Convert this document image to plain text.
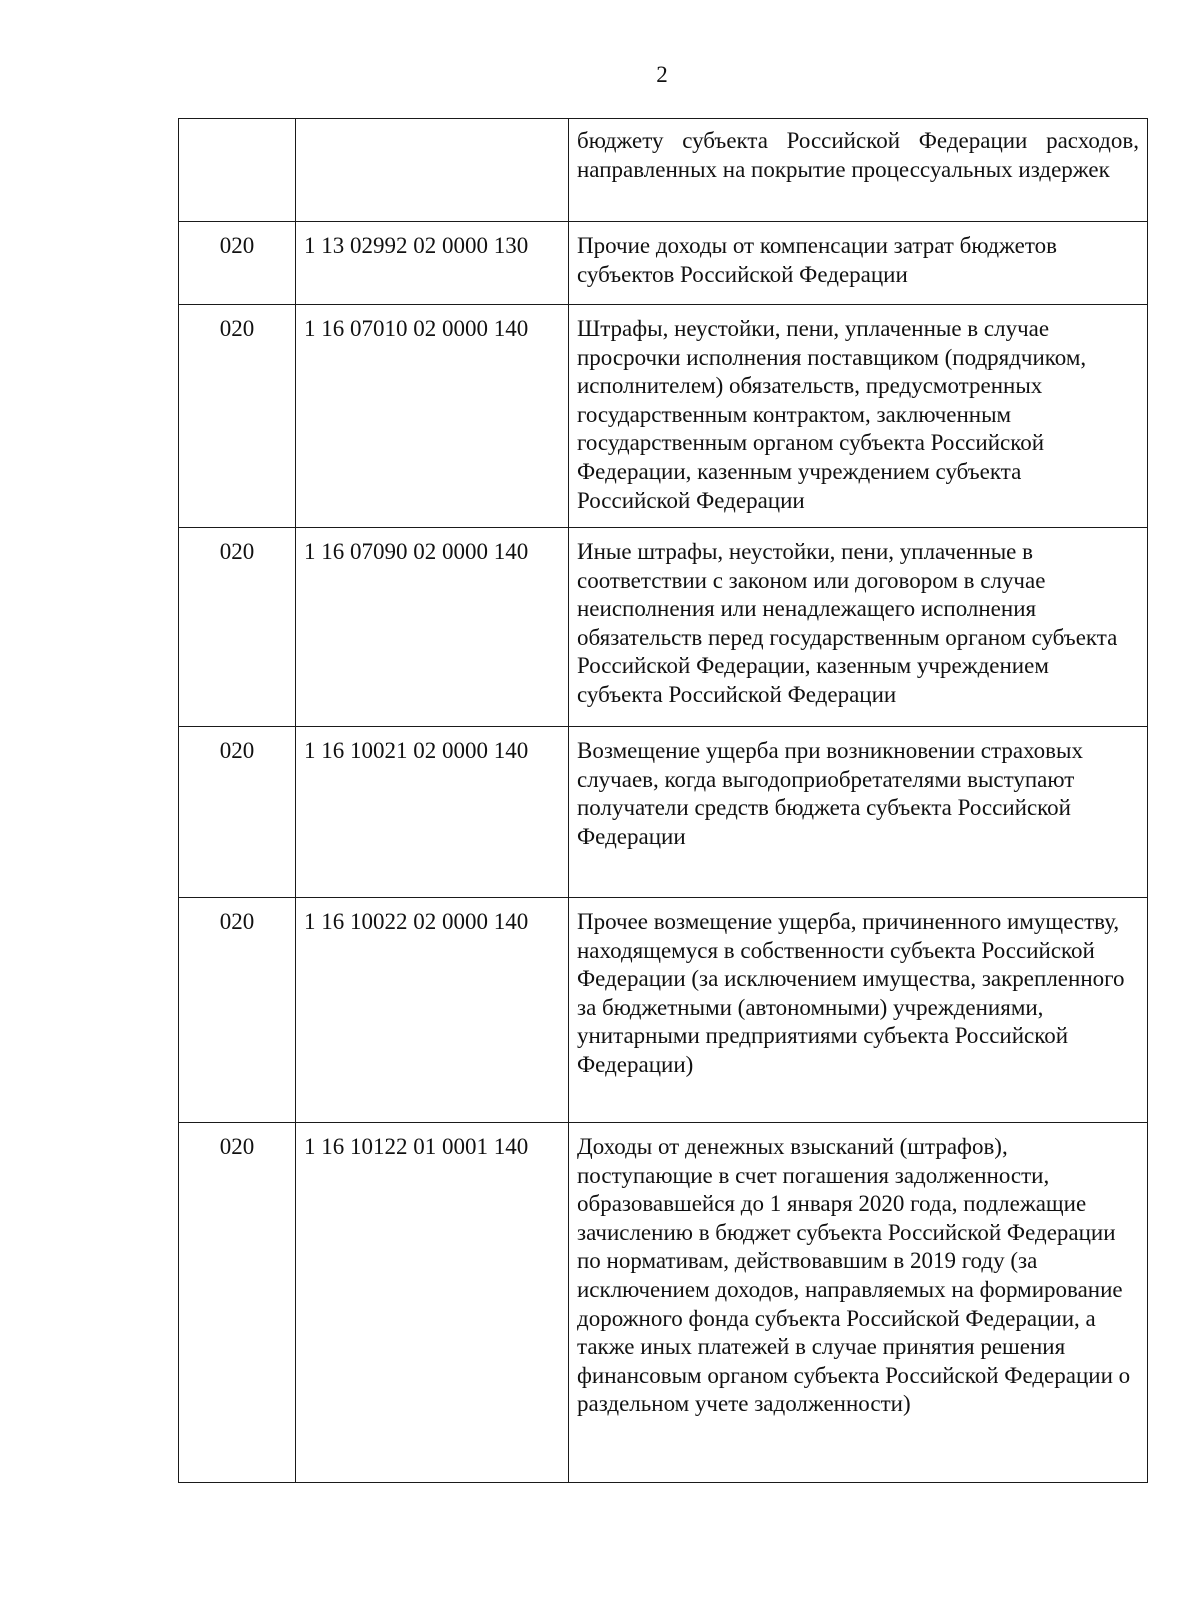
2
		бюджету субъекта Российской Федерации расходов, направленных на покрытие процессуальных издержек
020	1 13 02992 02 0000 130	Прочие доходы от компенсации затрат бюджетов субъектов Российской Федерации
020	1 16 07010 02 0000 140	Штрафы, неустойки, пени, уплаченные в случае просрочки исполнения поставщиком (подрядчиком, исполнителем) обязательств, предусмотренных государственным контрактом, заключенным государственным органом субъекта Российской Федерации, казенным учреждением субъекта Российской Федерации
020	1 16 07090 02 0000 140	Иные штрафы, неустойки, пени, уплаченные в соответствии с законом или договором в случае неисполнения или ненадлежащего исполнения обязательств перед государственным органом субъекта Российской Федерации, казенным учреждением субъекта Российской Федерации
020	1 16 10021 02 0000 140	Возмещение ущерба при возникновении страховых случаев, когда выгодоприобретателями выступают получатели средств бюджета субъекта Российской Федерации
020	1 16 10022 02 0000 140	Прочее возмещение ущерба, причиненного имуществу, находящемуся в собственности субъекта Российской Федерации (за исключением имущества, закрепленного за бюджетными (автономными) учреждениями, унитарными предприятиями субъекта Российской Федерации)
020	1 16 10122 01 0001 140	Доходы от денежных взысканий (штрафов), поступающие в счет погашения задолженности, образовавшейся до 1 января 2020 года, подлежащие зачислению в бюджет субъекта Российской Федерации по нормативам, действовавшим в 2019 году (за исключением доходов, направляемых на формирование дорожного фонда субъекта Российской Федерации, а также иных платежей в случае принятия решения финансовым органом субъекта Российской Федерации о раздельном учете задолженности)
